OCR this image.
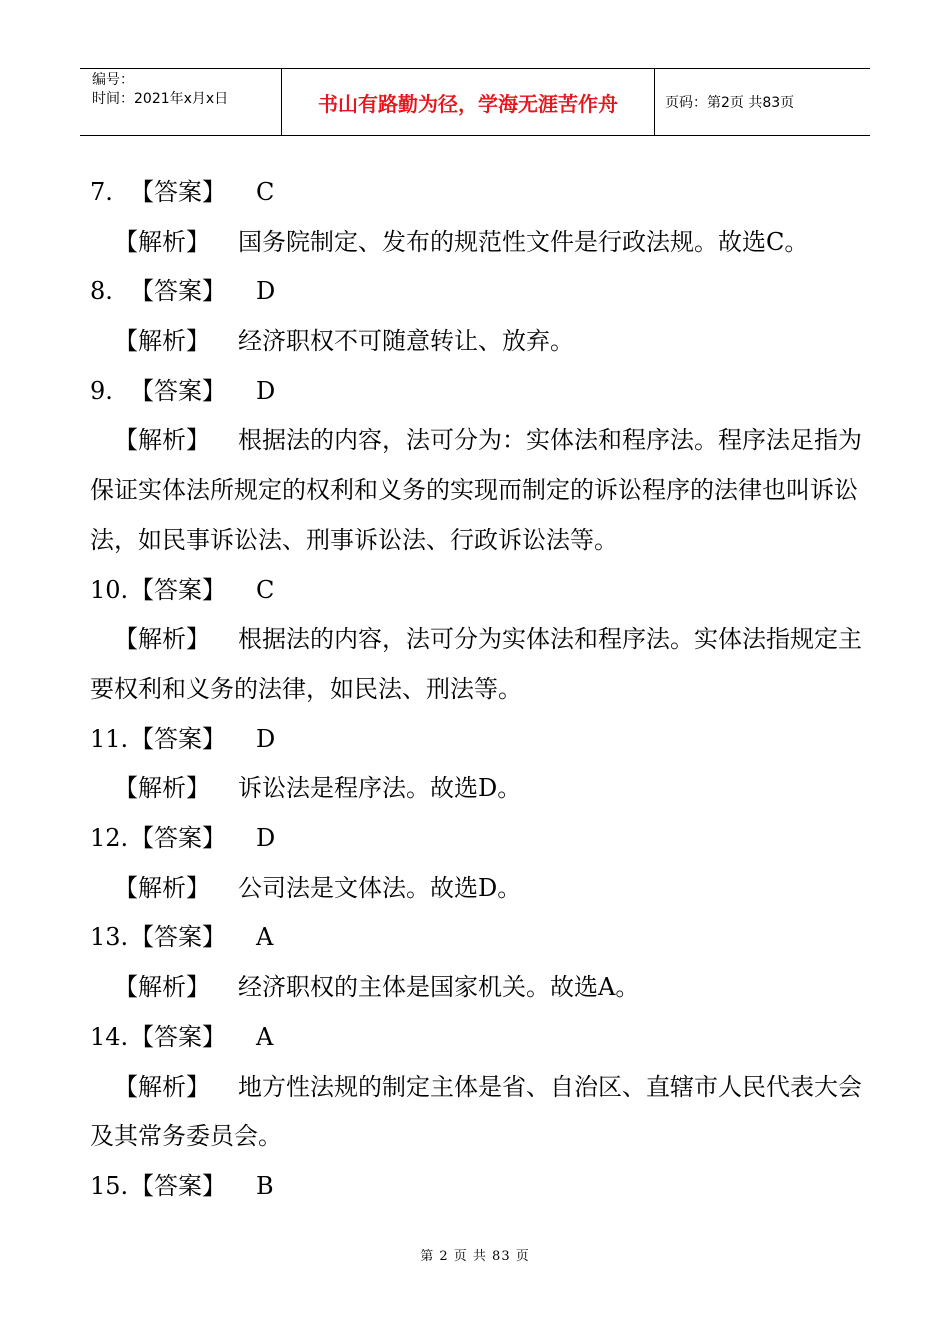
编号：
时间：2021年x月x日	书山有路勤为径，学海无涯苦作舟	页码：第2页 共83页
7. 【答案】 C
【解析】 国务院制定、发布的规范性文件是行政法规。故选C。
8. 【答案】 D
【解析】 经济职权不可随意转让、放弃。
9. 【答案】 D
【解析】 根据法的内容，法可分为：实体法和程序法。程序法足指为保证实体法所规定的权利和义务的实现而制定的诉讼程序的法律也叫诉讼法，如民事诉讼法、刑事诉讼法、行政诉讼法等。
10.【答案】 C
【解析】 根据法的内容，法可分为实体法和程序法。实体法指规定主要权利和义务的法律，如民法、刑法等。
11.【答案】 D
【解析】 诉讼法是程序法。故选D。
12.【答案】 D
【解析】 公司法是文体法。故选D。
13.【答案】 A
【解析】 经济职权的主体是国家机关。故选A。
14.【答案】 A
【解析】 地方性法规的制定主体是省、自治区、直辖市人民代表大会及其常务委员会。
15.【答案】 B
第 2 页 共 83 页
